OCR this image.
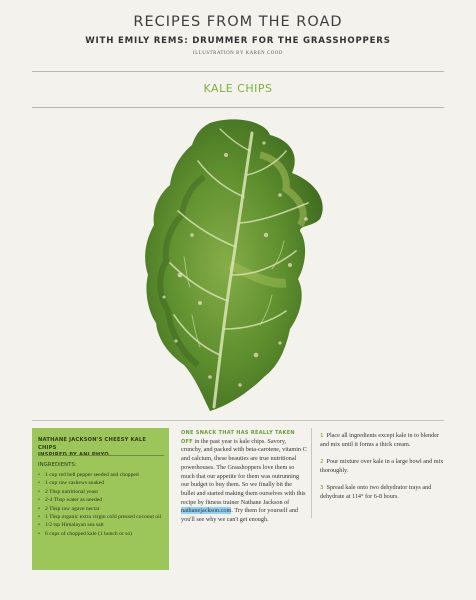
RECIPES FROM THE ROAD
WITH EMILY REMS: DRUMMER FOR THE GRASSHOPPERS
ILLUSTRATION BY KAREN COOD
KALE CHIPS
NATHANE JACKSON'S CHEESY KALE CHIPS
INGREDIENTS:
• 1 cup red bell pepper seeded and chopped
• 1 cup raw cashews soaked
• 2 Tbsp nutritional yeast
• 2-4 Tbsp water as needed
• 2 Tbsp raw agave nectar
• 1 Tbsp organic extra virgin cold pressed coconut oil
• 1/2 tsp Himalayan sea salt
• 6 cups of chopped kale (1 bunch or so)
ONE SNACK THAT HAS REALLY TAKEN OFF in the past year is kale chips. Savory, crunchy, and packed with beta-carotene, vitamin C and calcium, these beauties are true nutritional powerhouses. The Grasshoppers love them so much that our appetite for them was outrunning our budget to buy them. So we finally bit the bullet and started making them ourselves with this recipe by fitness trainer Nathane Jackson of nathanejackson.com. Try them for yourself and you'll see why we can't get enough.
1 Place all ingredients except kale in to blender and mix until it forms a thick cream.
2 Pour mixture over kale in a large bowl and mix thoroughly.
3 Spread kale onto two dehydrator trays and dehydrate at 114° for 6-8 hours.
